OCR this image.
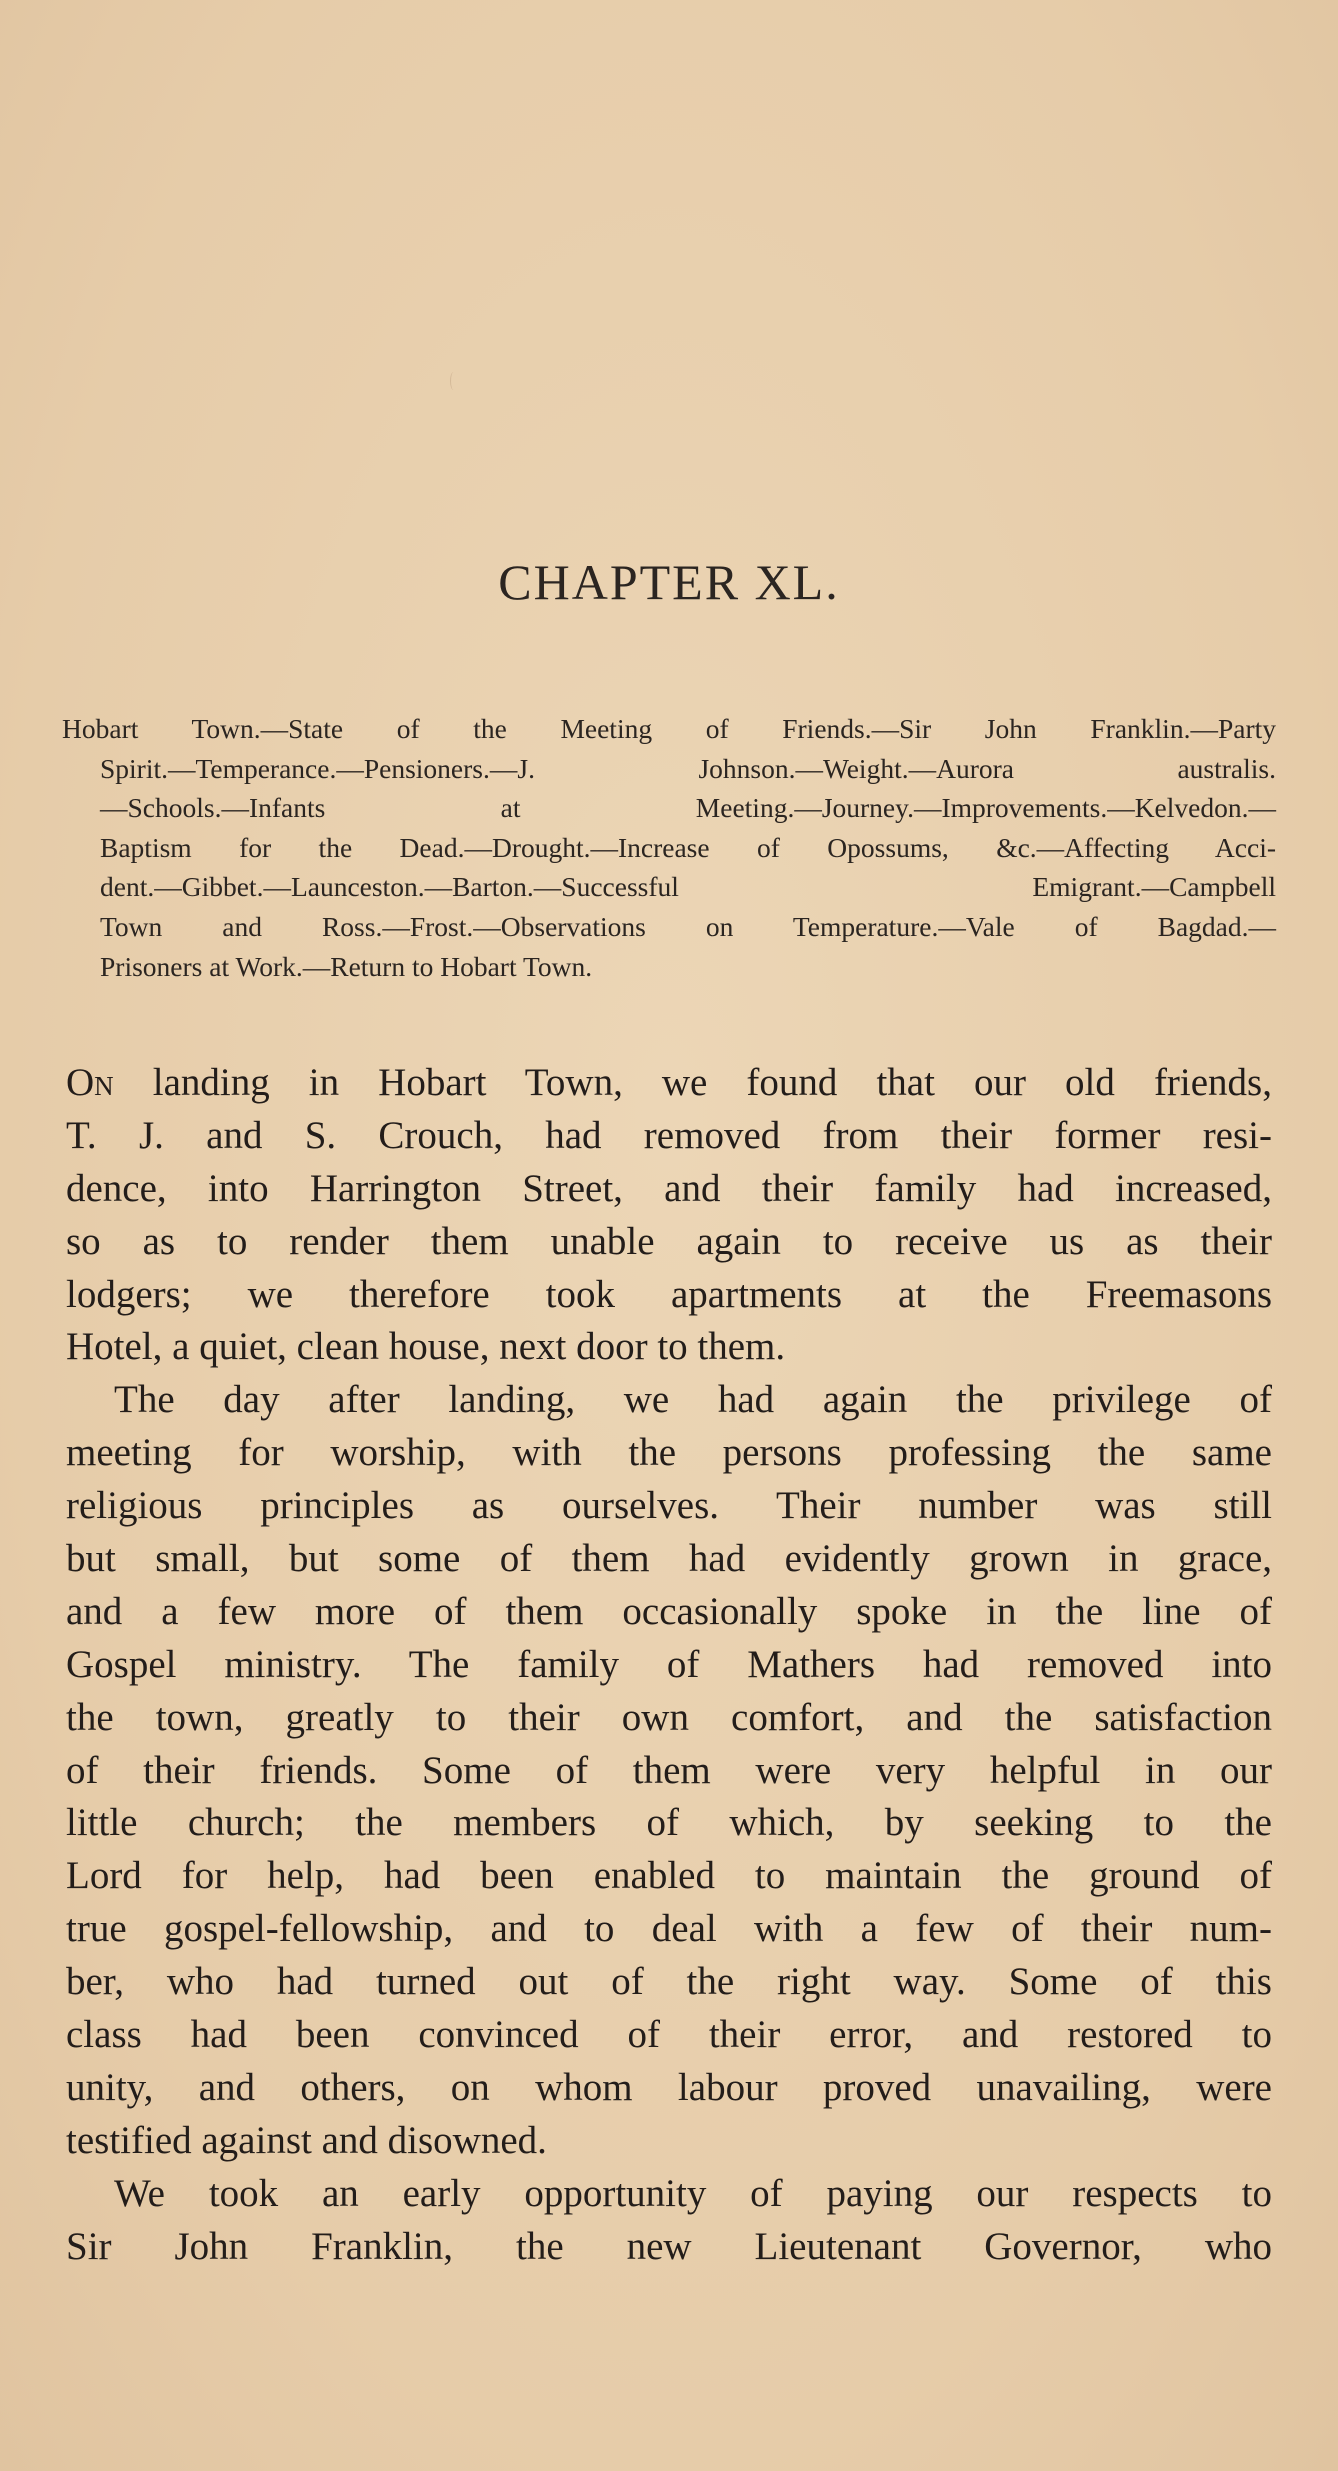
CHAPTER XL.
Hobart Town.—State of the Meeting of Friends.—Sir John Franklin.—Party
Spirit.—Temperance.—Pensioners.—J. Johnson.—Weight.—Aurora australis.
—Schools.—Infants at Meeting.—Journey.—Improvements.—Kelvedon.—
Baptism for the Dead.—Drought.—Increase of Opossums, &c.—Affecting Acci-
dent.—Gibbet.—Launceston.—Barton.—Successful Emigrant.—Campbell
Town and Ross.—Frost.—Observations on Temperature.—Vale of Bagdad.—
Prisoners at Work.—Return to Hobart Town.
On landing in Hobart Town, we found that our old friends,
T. J. and S. Crouch, had removed from their former resi-
dence, into Harrington Street, and their family had increased,
so as to render them unable again to receive us as their
lodgers; we therefore took apartments at the Freemasons
Hotel, a quiet, clean house, next door to them.
The day after landing, we had again the privilege of
meeting for worship, with the persons professing the same
religious principles as ourselves. Their number was still
but small, but some of them had evidently grown in grace,
and a few more of them occasionally spoke in the line of
Gospel ministry. The family of Mathers had removed into
the town, greatly to their own comfort, and the satisfaction
of their friends. Some of them were very helpful in our
little church; the members of which, by seeking to the
Lord for help, had been enabled to maintain the ground of
true gospel-fellowship, and to deal with a few of their num-
ber, who had turned out of the right way. Some of this
class had been convinced of their error, and restored to
unity, and others, on whom labour proved unavailing, were
testified against and disowned.
We took an early opportunity of paying our respects to
Sir John Franklin, the new Lieutenant Governor, who
